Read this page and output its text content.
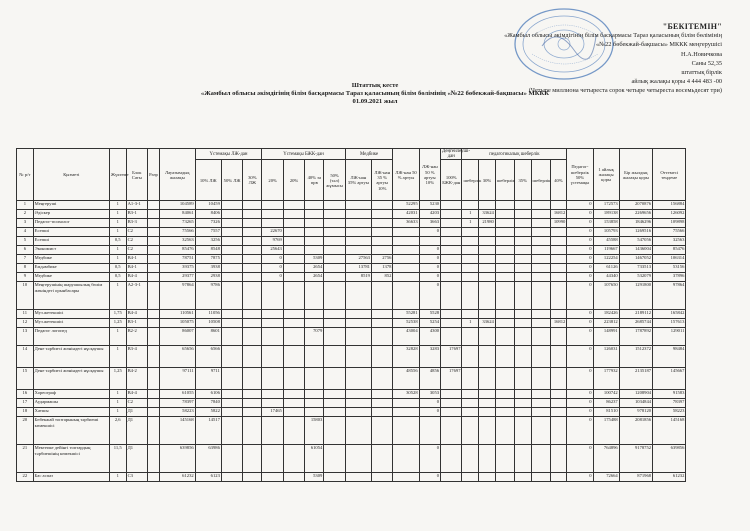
"БЕКІТЕМІН"
«Жамбыл облысы әкімдігінің білім басқармасы Тараз қаласының білім бөлімінің
«№22 бөбекжай-бақшасы» МККК меңгерушісі
Н.А.Новичкова
Саны 52,35
штаттық бірлік
айлық жалақы қоры 4 444 483 -00
(Четыре миллиона четыреста сорок четыре четыреста восемьдесят три)
Штаттық кесте
«Жамбыл облысы әкімдігінің білім басқармасы Тараз қаласының білім бөлімінің «№22 бөбекжай-бақшасы» МККК
01.09.2021 жыл
№ р/т	Қызметі	Жүктеме	Блок Саты	Разр	Лауазымдық жалақы	Үстемақы ЛЖ-дан			Үстемақы БЖК-дан				Медбике		ЛЖ-нан 50 % артуы	ЛЖ-нан 50 % артуы 10%	Деңгейлеуші-дан	педагогикалық шеберлік						Педагог-шеберлік 50% үстемақы	1 айлық жалақы қоры	Бір жылдық жалақы қоры	Оттемесі теңдеме
						10% ЛЖ	50% ЛЖ	30% ЛЖ	20%	20%	40% за прв	50% (тәл) жұмысы	ЛЖ-нан 35% артуы	ЛЖ-нан 35 % артуы 10%			100% БЖК-дан	шеберлік	30%	шеберлік	35%	шеберлік	40%				
1	Меңгеруші	1	А1-3-1		104589	10459									52295	5230								0	172573	2070876	156884
2	Әдіскер	1	В3-1		84061	8406									42031	4203		1	33624				16812	0	189138	2269656	126092
3	Педагог-психолог	1	В3-3		73265	7326									36633	3663		1	21980				10990	0	153858	1846296	109898
4	Есепші	1	С2		75566	7557			22670							0								0	105793	1269516	75566
5	Есепші	0,5	С2		32563	3256			9769															0	45588	547056	32563
6	Экономист	1	С2		85476	8548			25643							0								0	119667	1436004	85476
7	Медбике	1	В4-1		78751	7875			0		5309		27563	2756		0								0	122254	1467052	106314
8	Емдәмбике	0,5	В4-1		39375	3938			0		2654		13781	1378		0								0	61126	733513	53156
9	Медбике	0,5	В4-4		29377	2938			0		2654		8519	852		0								0	44340	532079	37896
10	Меңгерушінің шаруашылық бөлім жөніндегі орынбасары	1	А2-3-1		97864	9786										0								0	107650	1291800	97864
11	Муз.жетекшісі	1,75	В4-4		110561	11056									55281	5528								0	182426	2189112	165842
12	Муз.жетекшісі	1,25	В3-1		105075	10508									52538	5254		1	33624				16812	0	223812	2685744	157613
13	Педагог логопед	1	В2-2		86007	8601					7079				43004	4300								0	148991	1787892	129011
14	Дене тәрбиесі жөніндегі нұсқаушы	1	В3-4		65656	6566									32828	3283	17697							0	126031	1512372	98484
15	Дене тәрбиесі жөніндегі нұсқаушы	1,25	В4-2		97111	9711									48556	4856	17697							0	177932	2135187	145667
16	Хореограф	1	В4-4		61055	6106									30528	3053								0	100742	1208904	91583
17	Аудармашы	1	С2		78397	7840										0								0	86237	1034844	78397
18	Хатшы	1	Д1		58223	5822			17465							0								0	81510	978120	58223
20	Бөбекжай топтарының тәрбиеші көмекшісі	2,6	Д1		145168	14517					15803													0	175488	2081856	145168
21	Мектепке дейінгі топтардың тәрбиешінің көмекшісі	11,5	Д1		639856	63986					61054					0								0	764896	9178752	639856
22	Бас аспаз	1	С3		61232	6123					5309					0								0	72664	871968	61232
